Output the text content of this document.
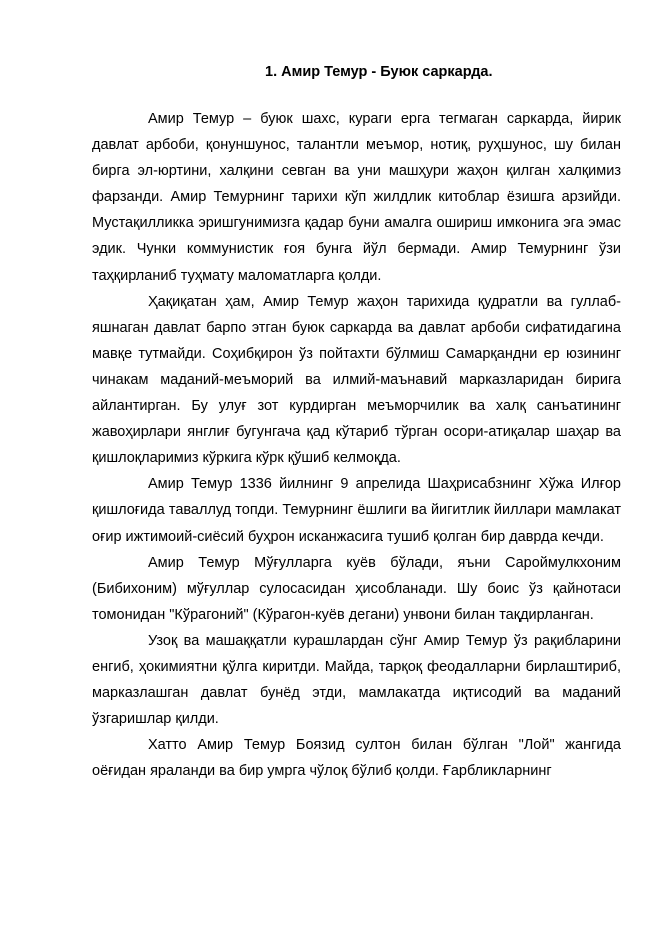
1. Амир Темур - Буюк саркарда.

Амир Темур – буюк шахс, кураги ерга тегмаган саркарда, йирик давлат арбоби, қонуншунос, талантли меъмор, нотиқ, руҳшунос, шу билан бирга эл-юртини, халқини севган ва уни машҳури жаҳон қилган халқимиз фарзанди. Амир Темурнинг тарихи кўп жилдлик китоблар ёзишга арзийди. Мустақилликка эришгунимизга қадар буни амалга ошириш имконига эга эмас эдик. Чунки коммунистик ғоя бунга йўл бермади. Амир Темурнинг ўзи таҳқирланиб туҳмату маломатларга қолди.

Ҳақиқатан ҳам, Амир Темур жаҳон тарихида қудратли ва гуллаб-яшнаган давлат барпо этган буюк саркарда ва давлат арбоби сифатидагина мавқе тутмайди. Соҳибқирон ўз пойтахти бўлмиш Самарқандни ер юзининг чинакам маданий-меъморий ва илмий-маънавий марказларидан бирига айлантирган. Бу улуғ зот курдирган меъморчилик ва халқ санъатининг жавоҳирлари янглиғ бугунгача қад кўтариб тўрган осори-атиқалар шаҳар ва қишлоқларимиз кўркига кўрк қўшиб келмоқда.

Амир Темур 1336 йилнинг 9 апрелида Шаҳрисабзнинг Хўжа Илғор қишлоғида таваллуд топди. Темурнинг ёшлиги ва йигитлик йиллари мамлакат оғир ижтимоий-сиёсий буҳрон исканжасига тушиб қолган бир даврда кечди.

Амир Темур Мўғулларга куёв бўлади, яъни Сароймулкхоним (Бибихоним) мўғуллар сулосасидан ҳисобланади. Шу боис ўз қайнотаси томонидан "Кўрагоний" (Кўрагон-куёв дегани) унвони билан тақдирланган.

Узоқ ва машаққатли курашлардан сўнг Амир Темур ўз рақибларини енгиб, ҳокимиятни қўлга киритди. Майда, тарқоқ феодалларни бирлаштириб, марказлашган давлат бунёд этди, мамлакатда иқтисодий ва маданий ўзгаришлар қилди.

Хатто Амир Темур Боязид султон билан бўлган "Лой" жангида оёғидан яраланди ва бир умрга чўлоқ бўлиб қолди. Ғарбликларнинг
